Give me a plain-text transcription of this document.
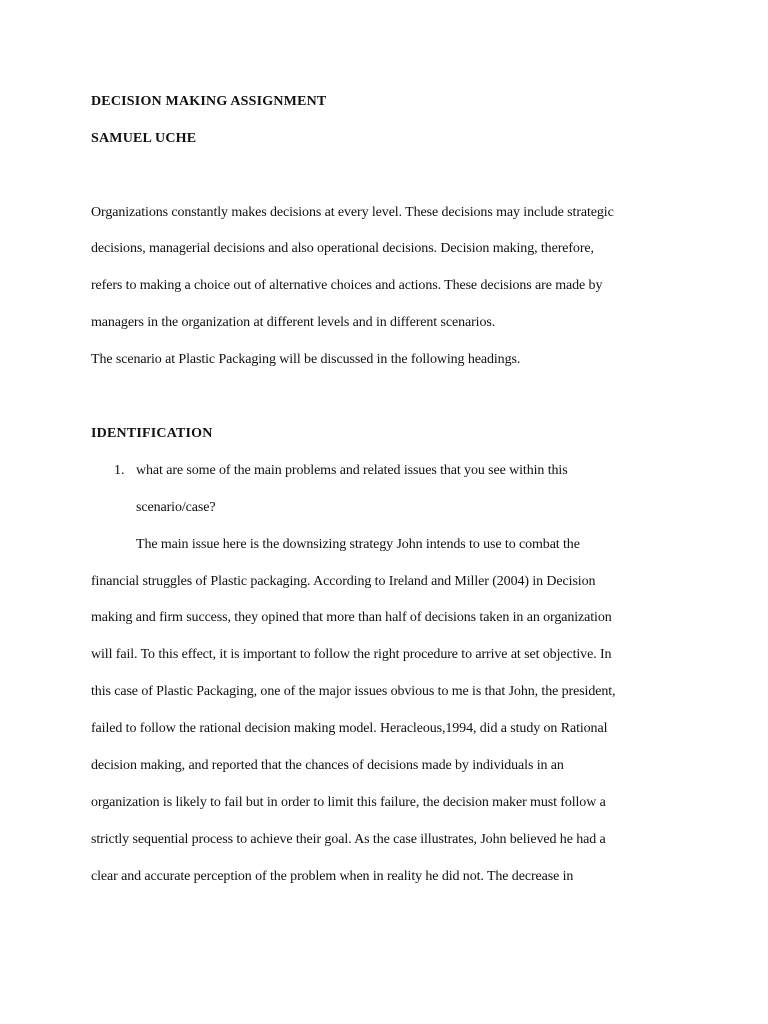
DECISION MAKING ASSIGNMENT
SAMUEL UCHE
Organizations constantly makes decisions at every level. These decisions may include strategic
decisions, managerial decisions and also operational decisions. Decision making, therefore,
refers to making a choice out of alternative choices and actions. These decisions are made by
managers in the organization at different levels and in different scenarios.
The scenario at Plastic Packaging will be discussed in the following headings.
IDENTIFICATION
1. what are some of the main problems and related issues that you see within this
scenario/case?
The main issue here is the downsizing strategy John intends to use to combat the
financial struggles of Plastic packaging. According to Ireland and Miller (2004) in Decision
making and firm success, they opined that more than half of decisions taken in an organization
will fail. To this effect, it is important to follow the right procedure to arrive at set objective. In
this case of Plastic Packaging, one of the major issues obvious to me is that John, the president,
failed to follow the rational decision making model. Heracleous,1994, did a study on Rational
decision making, and reported that the chances of decisions made by individuals in an
organization is likely to fail but in order to limit this failure, the decision maker must follow a
strictly sequential process to achieve their goal. As the case illustrates, John believed he had a
clear and accurate perception of the problem when in reality he did not. The decrease in
